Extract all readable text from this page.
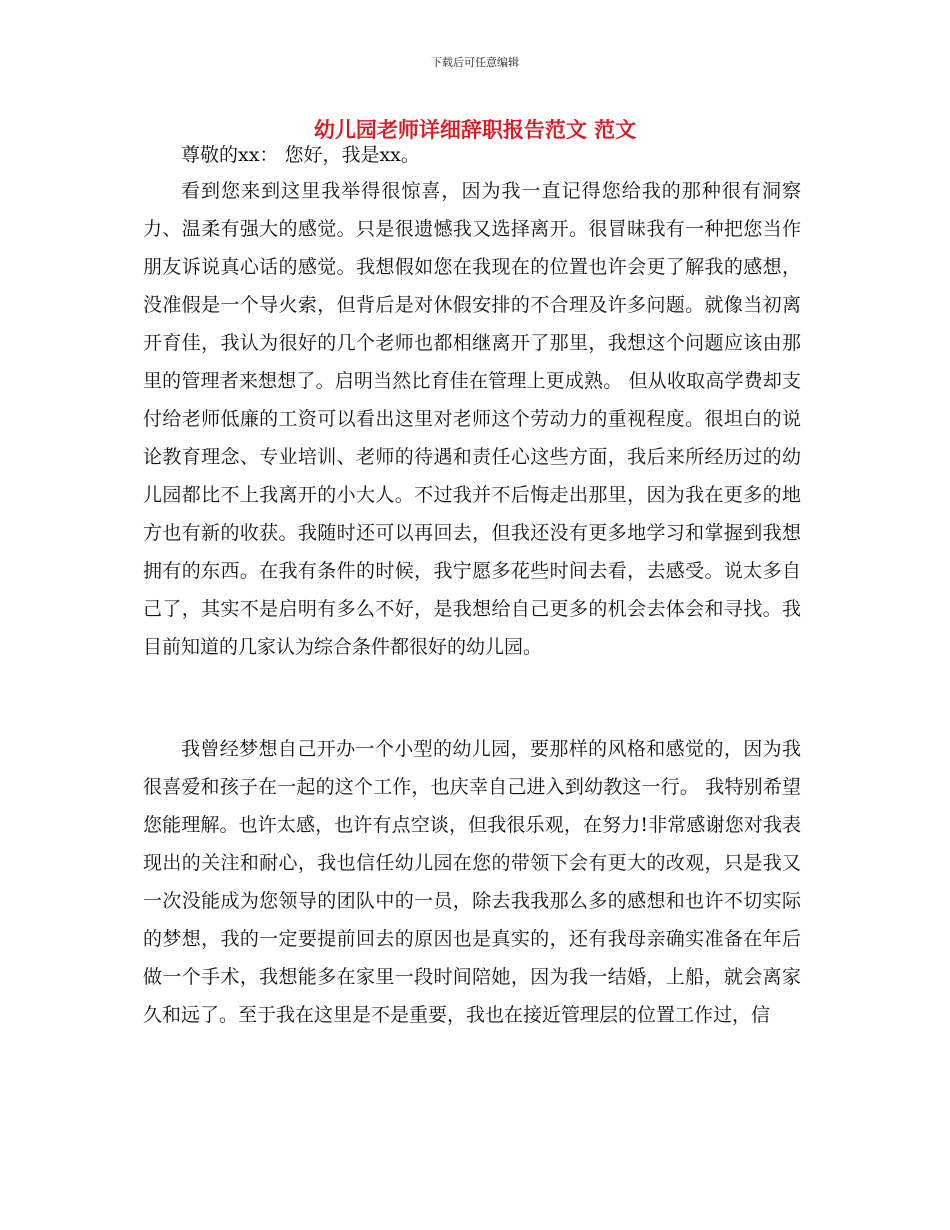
下载后可任意编辑
幼儿园老师详细辞职报告范文 范文

尊敬的xx： 您好，我是xx。

看到您来到这里我举得很惊喜，因为我一直记得您给我的那种很有洞察力、温柔有强大的感觉。只是很遗憾我又选择离开。很冒昧我有一种把您当作朋友诉说真心话的感觉。我想假如您在我现在的位置也许会更了解我的感想，没准假是一个导火索，但背后是对休假安排的不合理及许多问题。就像当初离开育佳，我认为很好的几个老师也都相继离开了那里，我想这个问题应该由那里的管理者来想想了。启明当然比育佳在管理上更成熟。 但从收取高学费却支付给老师低廉的工资可以看出这里对老师这个劳动力的重视程度。很坦白的说论教育理念、专业培训、老师的待遇和责任心这些方面，我后来所经历过的幼儿园都比不上我离开的小大人。不过我并不后悔走出那里，因为我在更多的地方也有新的收获。我随时还可以再回去，但我还没有更多地学习和掌握到我想拥有的东西。在我有条件的时候，我宁愿多花些时间去看，去感受。说太多自己了，其实不是启明有多么不好，是我想给自己更多的机会去体会和寻找。我目前知道的几家认为综合条件都很好的幼儿园。

我曾经梦想自己开办一个小型的幼儿园，要那样的风格和感觉的，因为我很喜爱和孩子在一起的这个工作，也庆幸自己进入到幼教这一行。 我特别希望您能理解。也许太感，也许有点空谈，但我很乐观，在努力!非常感谢您对我表现出的关注和耐心，我也信任幼儿园在您的带领下会有更大的改观，只是我又一次没能成为您领导的团队中的一员，除去我我那么多的感想和也许不切实际的梦想，我的一定要提前回去的原因也是真实的，还有我母亲确实准备在年后做一个手术，我想能多在家里一段时间陪她，因为我一结婚，上船，就会离家久和远了。至于我在这里是不是重要，我也在接近管理层的位置工作过，信
